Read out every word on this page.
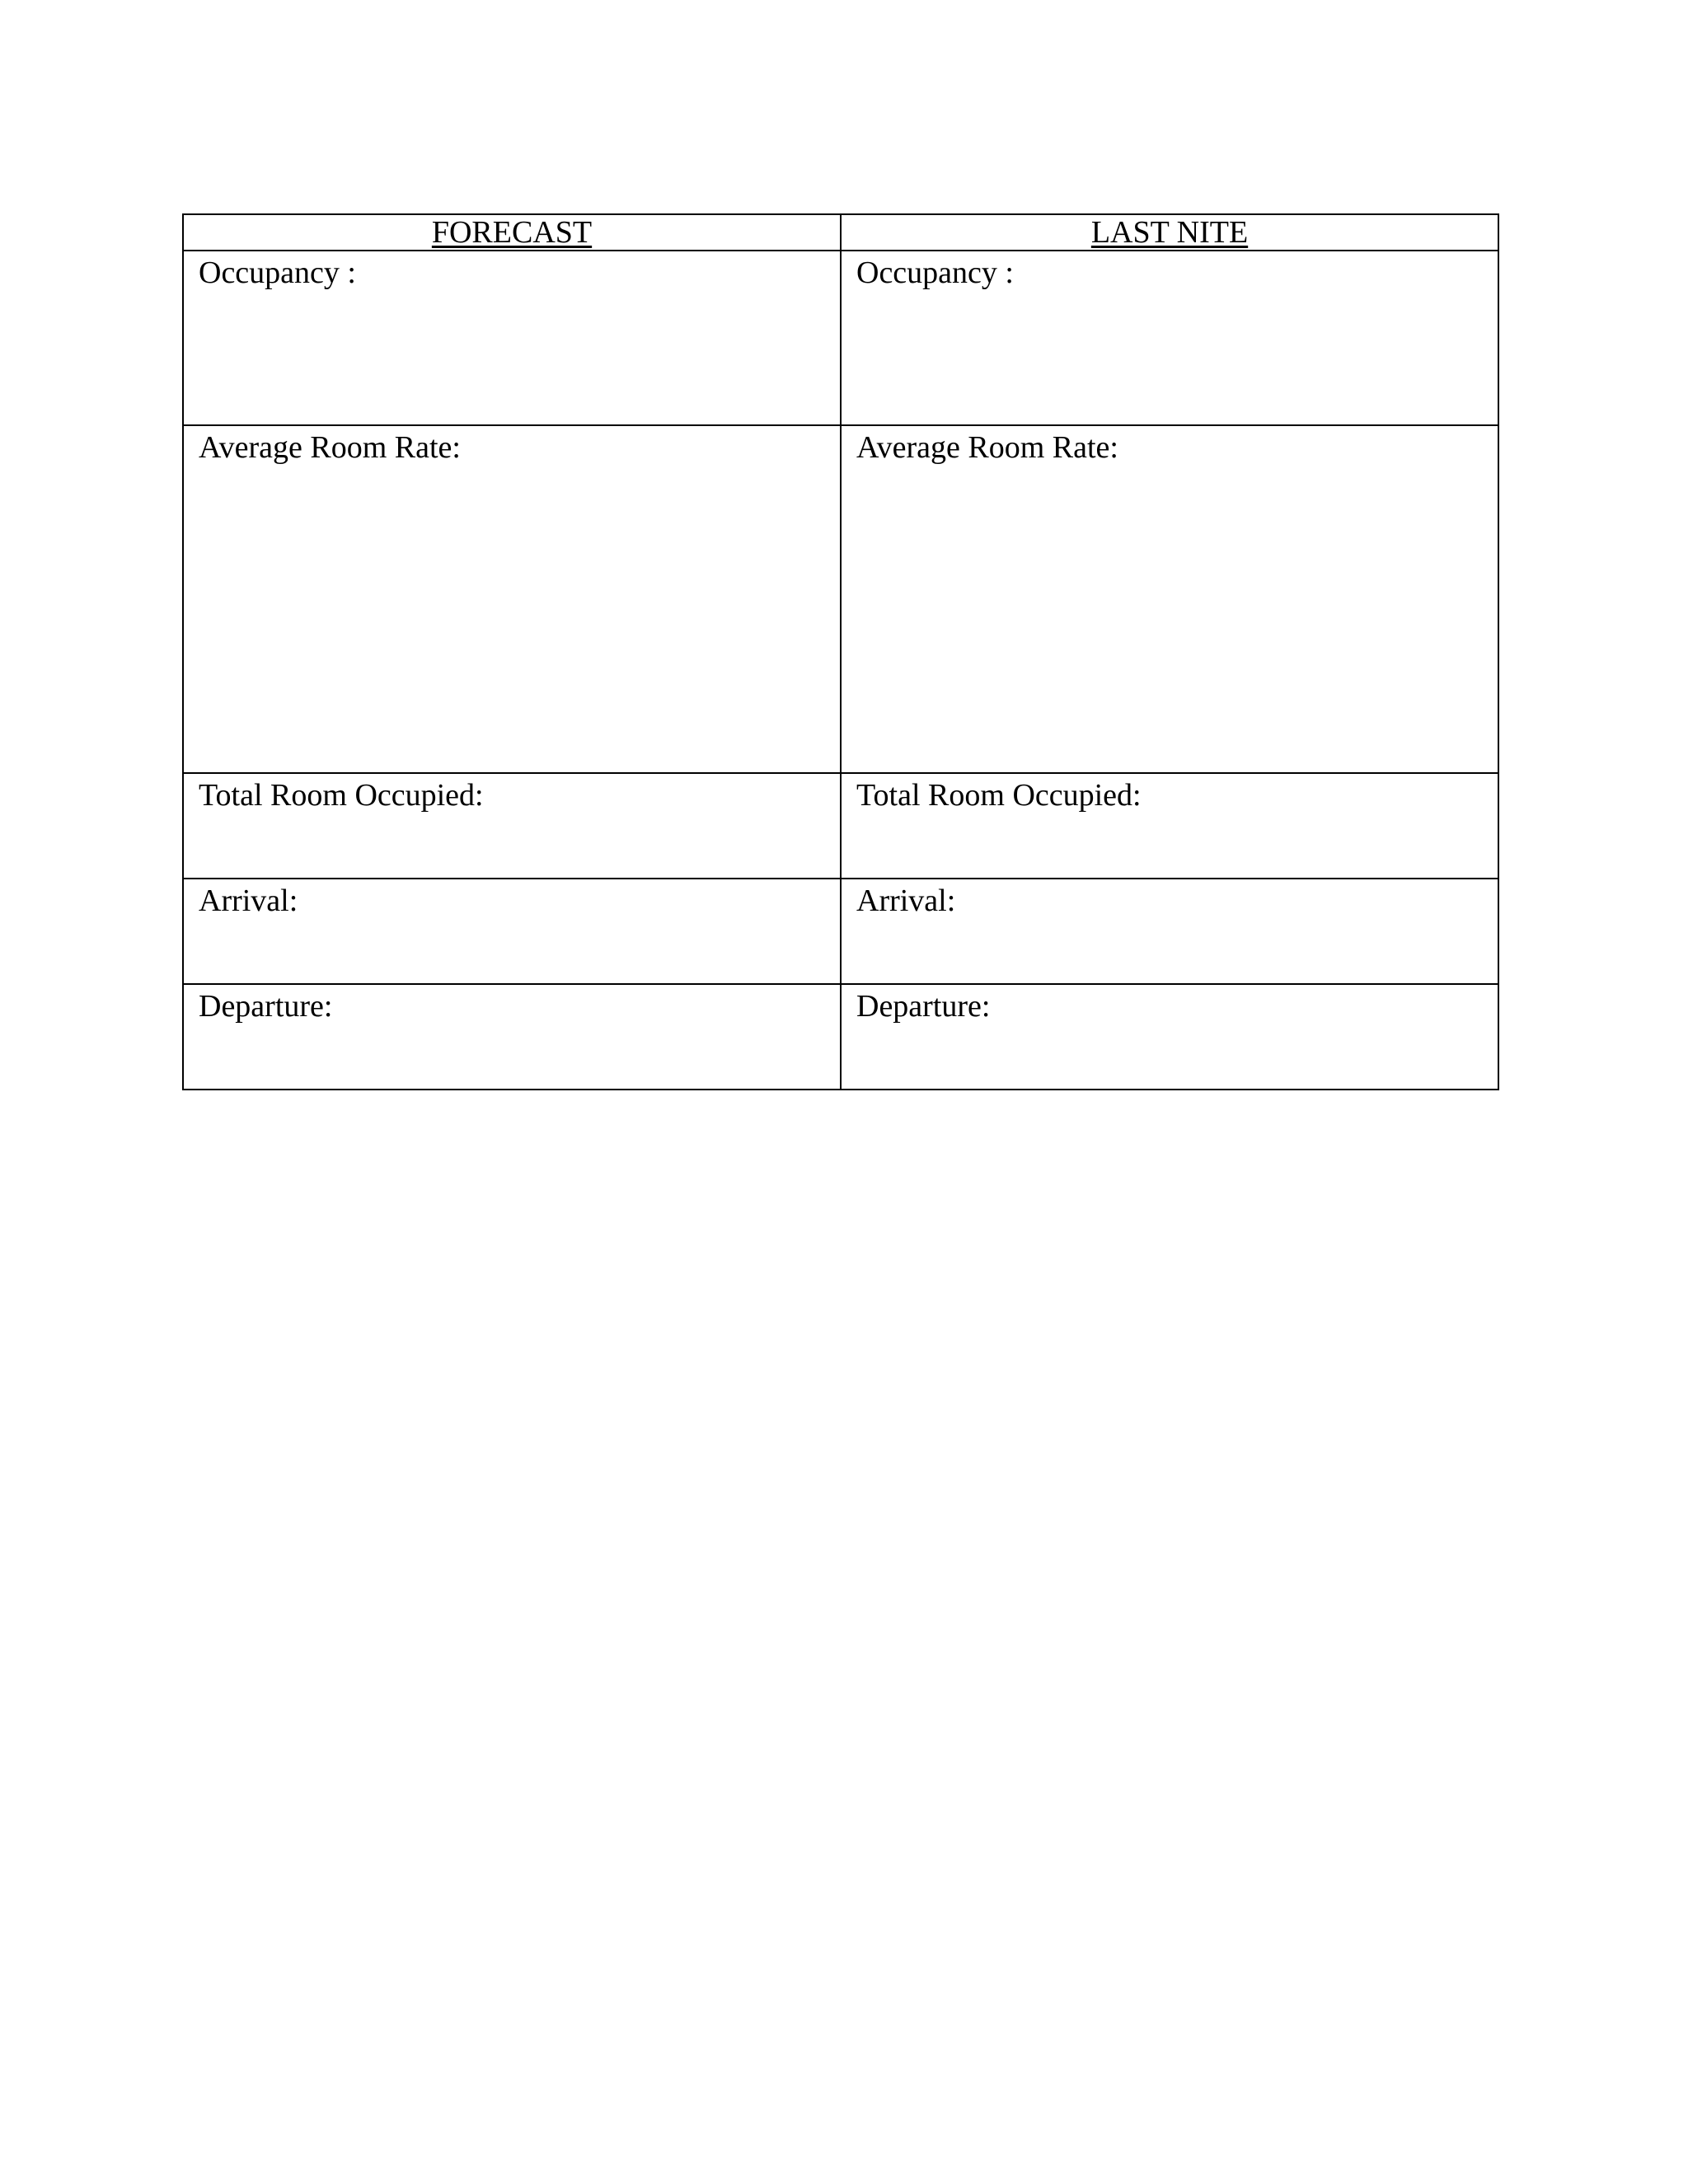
FORECAST	LAST NITE
Occupancy :	Occupancy :
Average Room Rate:	Average Room Rate:
Total Room Occupied:	Total Room Occupied:
Arrival:	Arrival:
Departure:	Departure:
